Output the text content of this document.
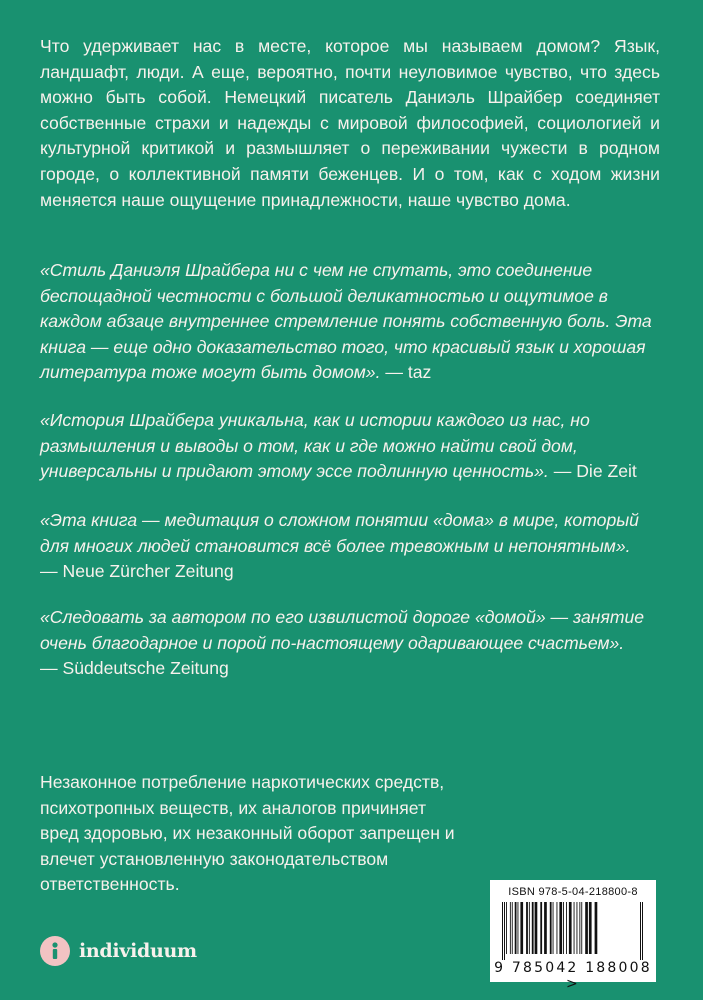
Что удерживает нас в месте, которое мы называем домом? Язык, ландшафт, люди. А еще, вероятно, почти неуловимое чувство, что здесь можно быть собой. Немецкий писатель Даниэль Шрайбер соединяет собственные страхи и надежды с мировой философией, социологией и культурной критикой и размышляет о переживании чужести в родном городе, о коллективной памяти беженцев. И о том, как с ходом жизни меняется наше ощущение принадлежности, наше чувство дома.

«Стиль Даниэля Шрайбера ни с чем не спутать, это соединение беспощадной честности с большой деликатностью и ощутимое в каждом абзаце внутреннее стремление понять собственную боль. Эта книга — еще одно доказательство того, что красивый язык и хорошая литература тоже могут быть домом». — taz

«История Шрайбера уникальна, как и истории каждого из нас, но размышления и выводы о том, как и где можно найти свой дом, универсальны и придают этому эссе подлинную ценность». — Die Zeit

«Эта книга — медитация о сложном понятии «дома» в мире, который для многих людей становится всё более тревожным и непонятным».
— Neue Zürcher Zeitung

«Следовать за автором по его извилистой дороге «домой» — занятие очень благодарное и порой по-настоящему одаривающее счастьем».
— Süddeutsche Zeitung

Незаконное потребление наркотических средств, психотропных веществ, их аналогов причиняет вред здоровью, их незаконный оборот запрещен и влечет установленную законодательством ответственность.

individuum
ISBN 978-5-04-218800-8
9 785042 188008 >
